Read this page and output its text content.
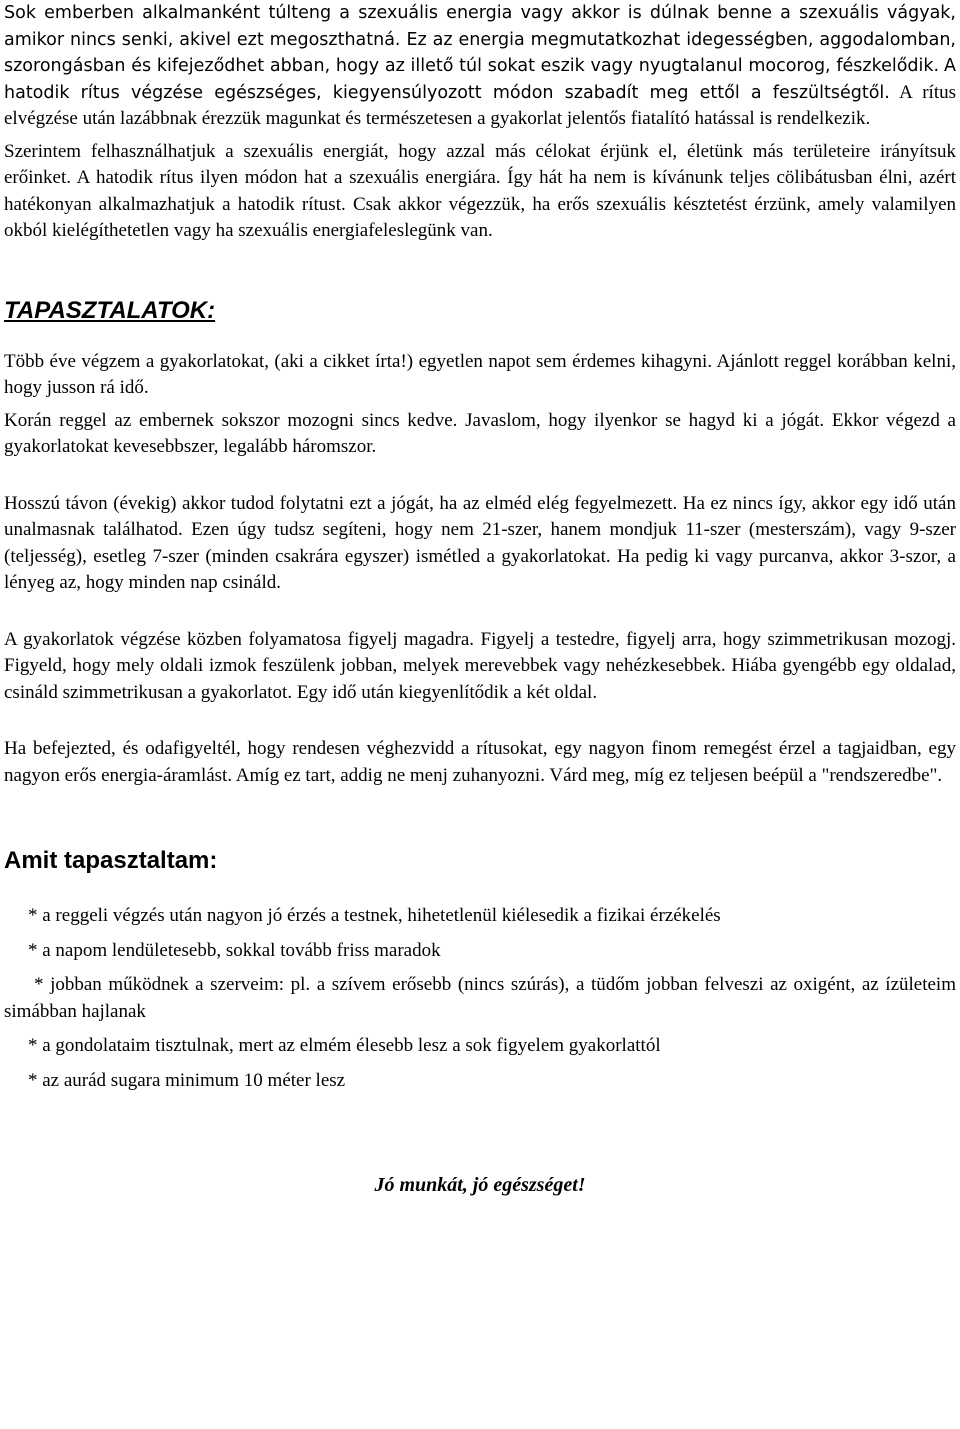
Sok emberben alkalmanként túlteng a szexuális energia vagy akkor is dúlnak benne a szexuális vágyak, amikor nincs senki, akivel ezt megoszthatná. Ez az energia megmutatkozhat idegességben, aggodalomban, szorongásban és kifejeződhet abban, hogy az illető túl sokat eszik vagy nyugtalanul mocorog, fészkelődik. A hatodik rítus végzése egészséges, kiegyensúlyozott módon szabadít meg ettől a feszültségtől. A rítus elvégzése után lazábbnak érezzük magunkat és természetesen a gyakorlat jelentős fiatalító hatással is rendelkezik.

Szerintem felhasználhatjuk a szexuális energiát, hogy azzal más célokat érjünk el, életünk más területeire irányítsuk erőinket. A hatodik rítus ilyen módon hat a szexuális energiára. Így hát ha nem is kívánunk teljes cölibátusban élni, azért hatékonyan alkalmazhatjuk a hatodik rítust. Csak akkor végezzük, ha erős szexuális késztetést érzünk, amely valamilyen okból kielégíthetetlen vagy ha szexuális energiafeleslegünk van.

TAPASZTALATOK:

Több éve végzem a gyakorlatokat, (aki a cikket írta!) egyetlen napot sem érdemes kihagyni. Ajánlott reggel korábban kelni, hogy jusson rá idő.

Korán reggel az embernek sokszor mozogni sincs kedve. Javaslom, hogy ilyenkor se hagyd ki a jógát. Ekkor végezd a gyakorlatokat kevesebbszer, legalább háromszor.

Hosszú távon (évekig) akkor tudod folytatni ezt a jógát, ha az elméd elég fegyelmezett. Ha ez nincs így, akkor egy idő után unalmasnak találhatod. Ezen úgy tudsz segíteni, hogy nem 21-szer, hanem mondjuk 11-szer (mesterszám), vagy 9-szer (teljesség), esetleg 7-szer (minden csakrára egyszer) ismétled a gyakorlatokat. Ha pedig ki vagy purcanva, akkor 3-szor, a lényeg az, hogy minden nap csináld.

A gyakorlatok végzése közben folyamatosa figyelj magadra. Figyelj a testedre, figyelj arra, hogy szimmetrikusan mozogj. Figyeld, hogy mely oldali izmok feszülenk jobban, melyek merevebbek vagy nehézkesebbek. Hiába gyengébb egy oldalad, csináld szimmetrikusan a gyakorlatot. Egy idő után kiegyenlítődik a két oldal.

Ha befejezted, és odafigyeltél, hogy rendesen véghezvidd a rítusokat, egy nagyon finom remegést érzel a tagjaidban, egy nagyon erős energia-áramlást. Amíg ez tart, addig ne menj zuhanyozni. Várd meg, míg ez teljesen beépül a "rendszeredbe".

Amit tapasztaltam:
* a reggeli végzés után nagyon jó érzés a testnek, hihetetlenül kiélesedik a fizikai érzékelés
* a napom lendületesebb, sokkal tovább friss maradok
* jobban működnek a szerveim: pl. a szívem erősebb (nincs szúrás), a tüdőm jobban felveszi az oxigént, az ízületeim simábban hajlanak
* a gondolataim tisztulnak, mert az elmém élesebb lesz a sok figyelem gyakorlattól
* az aurád sugara minimum 10 méter lesz

Jó munkát, jó egészséget!
